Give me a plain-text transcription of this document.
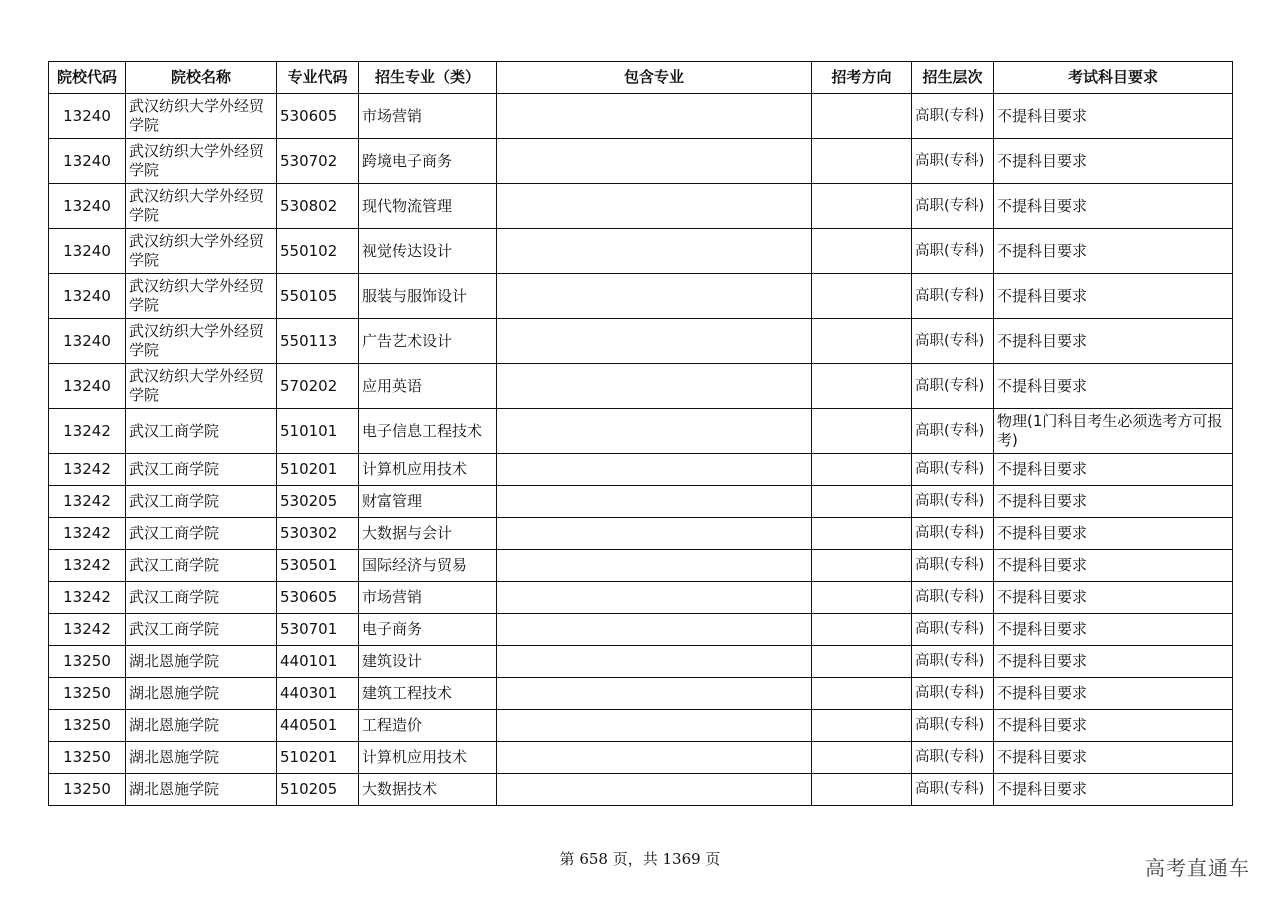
院校代码	院校名称	专业代码	招生专业（类）	包含专业	招考方向	招生层次	考试科目要求
13240	武汉纺织大学外经贸学院	530605	市场营销			高职(专科)	不提科目要求
13240	武汉纺织大学外经贸学院	530702	跨境电子商务			高职(专科)	不提科目要求
13240	武汉纺织大学外经贸学院	530802	现代物流管理			高职(专科)	不提科目要求
13240	武汉纺织大学外经贸学院	550102	视觉传达设计			高职(专科)	不提科目要求
13240	武汉纺织大学外经贸学院	550105	服装与服饰设计			高职(专科)	不提科目要求
13240	武汉纺织大学外经贸学院	550113	广告艺术设计			高职(专科)	不提科目要求
13240	武汉纺织大学外经贸学院	570202	应用英语			高职(专科)	不提科目要求
13242	武汉工商学院	510101	电子信息工程技术			高职(专科)	物理(1门科目考生必须选考方可报考)
13242	武汉工商学院	510201	计算机应用技术			高职(专科)	不提科目要求
13242	武汉工商学院	530205	财富管理			高职(专科)	不提科目要求
13242	武汉工商学院	530302	大数据与会计			高职(专科)	不提科目要求
13242	武汉工商学院	530501	国际经济与贸易			高职(专科)	不提科目要求
13242	武汉工商学院	530605	市场营销			高职(专科)	不提科目要求
13242	武汉工商学院	530701	电子商务			高职(专科)	不提科目要求
13250	湖北恩施学院	440101	建筑设计			高职(专科)	不提科目要求
13250	湖北恩施学院	440301	建筑工程技术			高职(专科)	不提科目要求
13250	湖北恩施学院	440501	工程造价			高职(专科)	不提科目要求
13250	湖北恩施学院	510201	计算机应用技术			高职(专科)	不提科目要求
13250	湖北恩施学院	510205	大数据技术			高职(专科)	不提科目要求
第 658 页，共 1369 页	高考直通车
